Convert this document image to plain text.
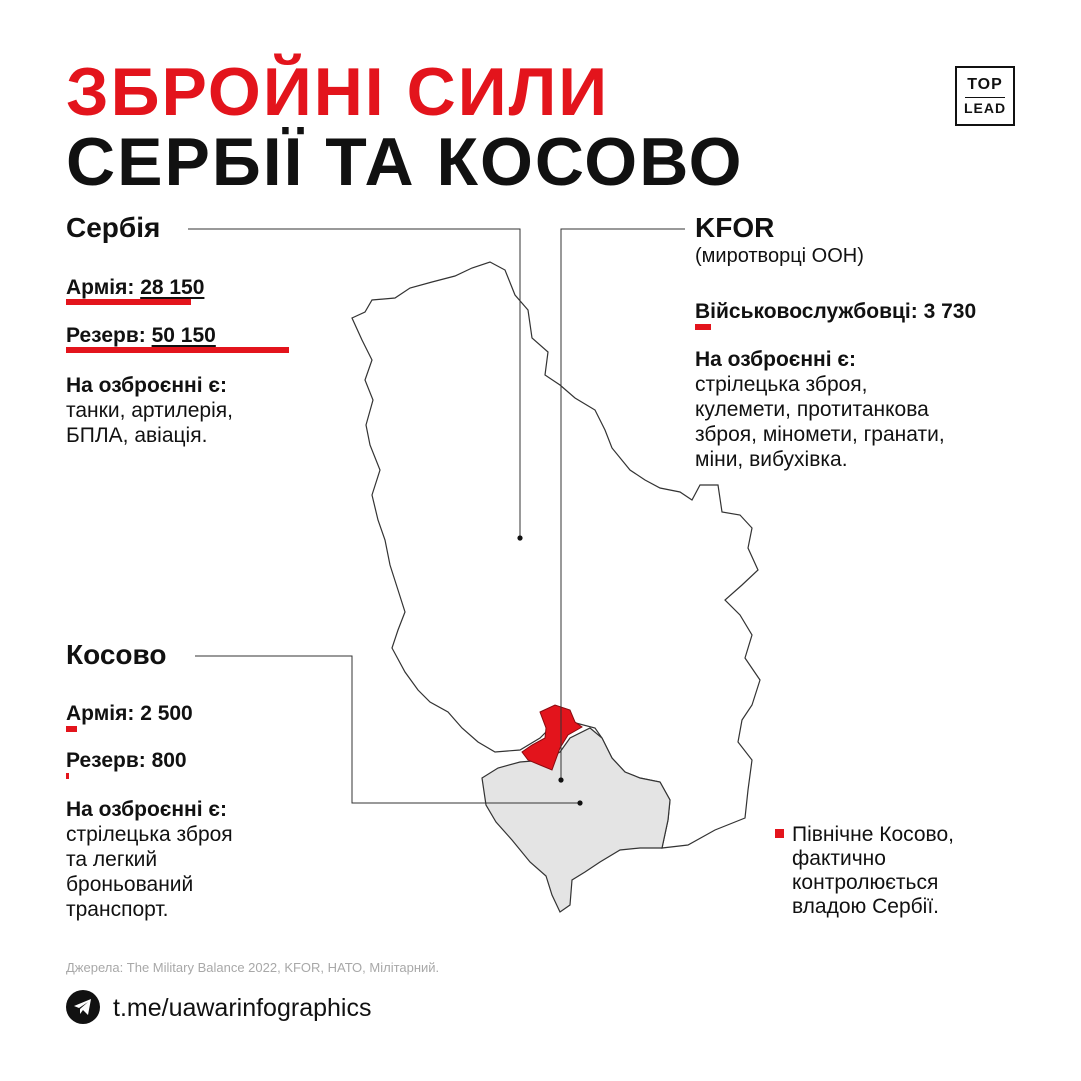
ЗБРОЙНІ СИЛИ
СЕРБІЇ ТА КОСОВО
TOP
LEAD
Сербія
Армія: 28 150
Резерв: 50 150
На озброєнні є:
танки, артилерія,
БПЛА, авіація.
KFOR
(миротворці ООН)
Військовослужбовці: 3 730
На озброєнні є:
стрілецька зброя,
кулемети, протитанкова
зброя, міномети, гранати,
міни, вибухівка.
Косово
Армія: 2 500
Резерв: 800
На озброєнні є:
стрілецька зброя
та легкий
броньований
транспорт.
Північне Косово,
фактично
контролюється
владою Сербії.
Джерела: The Military Balance 2022, KFOR, НАТО, Мілітарний.
t.me/uawarinfographics
